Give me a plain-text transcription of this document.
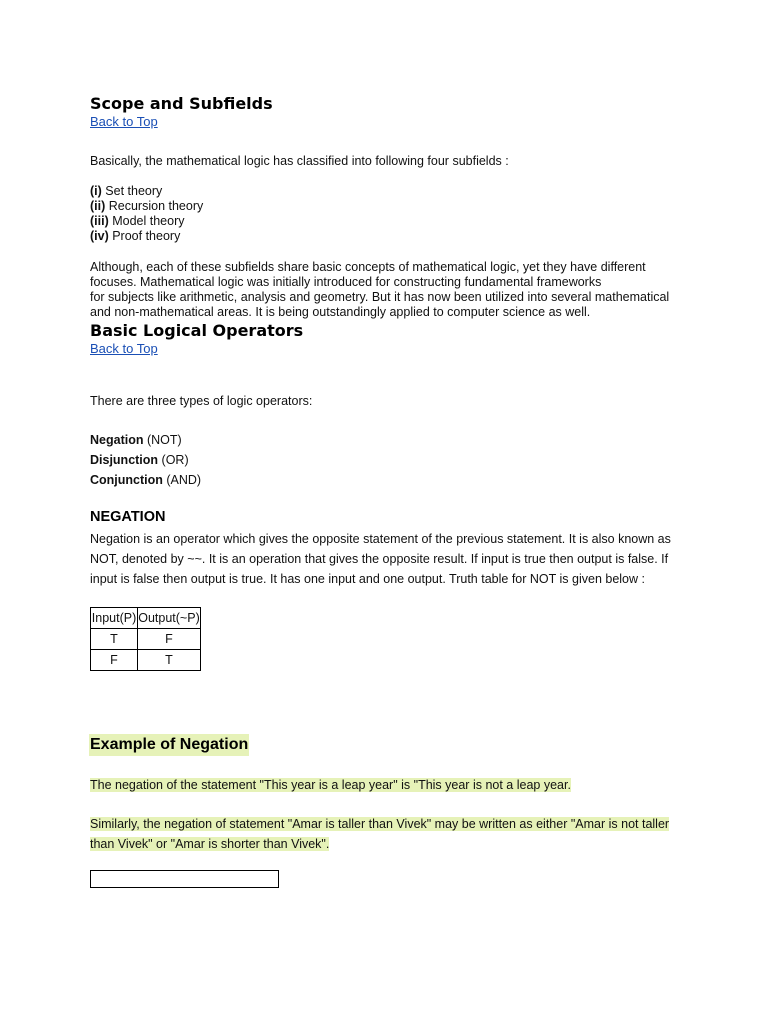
Scope and Subfields
Back to Top

Basically, the mathematical logic has classified into following four subfields :

(i) Set theory
(ii) Recursion theory
(iii) Model theory
(iv) Proof theory
Although, each of these subfields share basic concepts of mathematical logic, yet they have different
focuses. Mathematical logic was initially introduced for constructing fundamental frameworks
for subjects like arithmetic, analysis and geometry. But it has now been utilized into several mathematical
and non-mathematical areas. It is being outstandingly applied to computer science as well.
Basic Logical Operators
Back to Top

There are three types of logic operators:

Negation (NOT)
Disjunction (OR)
Conjunction (AND)
NEGATION
Negation is an operator which gives the opposite statement of the previous statement. It is also known as
NOT, denoted by ~~. It is an operation that gives the opposite result. If input is true then output is false. If
input is false then output is true. It has one input and one output. Truth table for NOT is given below :
Input(P)	Output(~P)
T	F
F	T
Example of Negation

The negation of the statement "This year is a leap year" is "This year is not a leap year.

Similarly, the negation of statement "Amar is taller than Vivek" may be written as either "Amar is not taller
than Vivek" or "Amar is shorter than Vivek".
